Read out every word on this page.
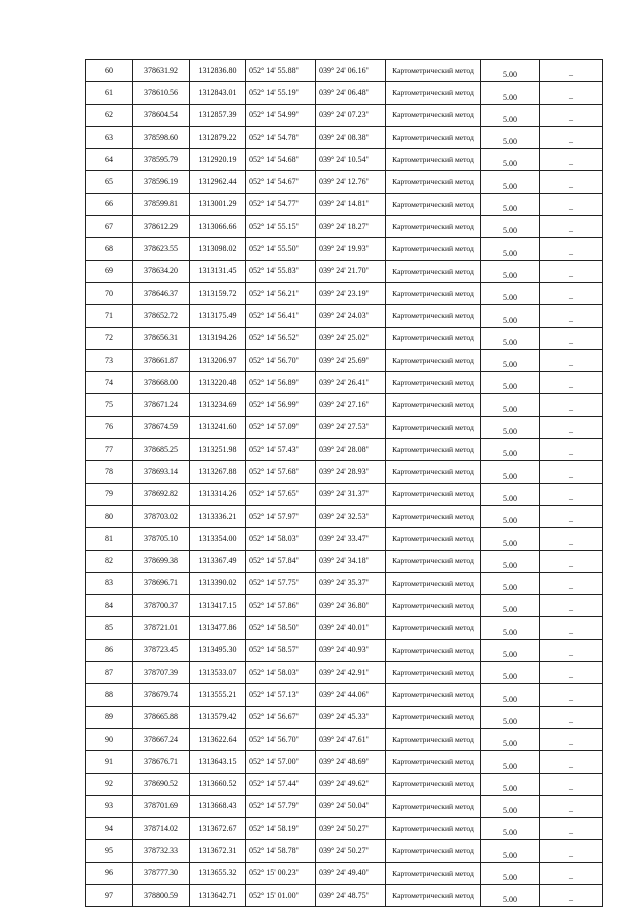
60	378631.92	1312836.80	052° 14' 55.88"	039° 24' 06.16"	Картометрический метод	5.00	–
61	378610.56	1312843.01	052° 14' 55.19"	039° 24' 06.48"	Картометрический метод	5.00	–
62	378604.54	1312857.39	052° 14' 54.99"	039° 24' 07.23"	Картометрический метод	5.00	–
63	378598.60	1312879.22	052° 14' 54.78"	039° 24' 08.38"	Картометрический метод	5.00	–
64	378595.79	1312920.19	052° 14' 54.68"	039° 24' 10.54"	Картометрический метод	5.00	–
65	378596.19	1312962.44	052° 14' 54.67"	039° 24' 12.76"	Картометрический метод	5.00	–
66	378599.81	1313001.29	052° 14' 54.77"	039° 24' 14.81"	Картометрический метод	5.00	–
67	378612.29	1313066.66	052° 14' 55.15"	039° 24' 18.27"	Картометрический метод	5.00	–
68	378623.55	1313098.02	052° 14' 55.50"	039° 24' 19.93"	Картометрический метод	5.00	–
69	378634.20	1313131.45	052° 14' 55.83"	039° 24' 21.70"	Картометрический метод	5.00	–
70	378646.37	1313159.72	052° 14' 56.21"	039° 24' 23.19"	Картометрический метод	5.00	–
71	378652.72	1313175.49	052° 14' 56.41"	039° 24' 24.03"	Картометрический метод	5.00	–
72	378656.31	1313194.26	052° 14' 56.52"	039° 24' 25.02"	Картометрический метод	5.00	–
73	378661.87	1313206.97	052° 14' 56.70"	039° 24' 25.69"	Картометрический метод	5.00	–
74	378668.00	1313220.48	052° 14' 56.89"	039° 24' 26.41"	Картометрический метод	5.00	–
75	378671.24	1313234.69	052° 14' 56.99"	039° 24' 27.16"	Картометрический метод	5.00	–
76	378674.59	1313241.60	052° 14' 57.09"	039° 24' 27.53"	Картометрический метод	5.00	–
77	378685.25	1313251.98	052° 14' 57.43"	039° 24' 28.08"	Картометрический метод	5.00	–
78	378693.14	1313267.88	052° 14' 57.68"	039° 24' 28.93"	Картометрический метод	5.00	–
79	378692.82	1313314.26	052° 14' 57.65"	039° 24' 31.37"	Картометрический метод	5.00	–
80	378703.02	1313336.21	052° 14' 57.97"	039° 24' 32.53"	Картометрический метод	5.00	–
81	378705.10	1313354.00	052° 14' 58.03"	039° 24' 33.47"	Картометрический метод	5.00	–
82	378699.38	1313367.49	052° 14' 57.84"	039° 24' 34.18"	Картометрический метод	5.00	–
83	378696.71	1313390.02	052° 14' 57.75"	039° 24' 35.37"	Картометрический метод	5.00	–
84	378700.37	1313417.15	052° 14' 57.86"	039° 24' 36.80"	Картометрический метод	5.00	–
85	378721.01	1313477.86	052° 14' 58.50"	039° 24' 40.01"	Картометрический метод	5.00	–
86	378723.45	1313495.30	052° 14' 58.57"	039° 24' 40.93"	Картометрический метод	5.00	–
87	378707.39	1313533.07	052° 14' 58.03"	039° 24' 42.91"	Картометрический метод	5.00	–
88	378679.74	1313555.21	052° 14' 57.13"	039° 24' 44.06"	Картометрический метод	5.00	–
89	378665.88	1313579.42	052° 14' 56.67"	039° 24' 45.33"	Картометрический метод	5.00	–
90	378667.24	1313622.64	052° 14' 56.70"	039° 24' 47.61"	Картометрический метод	5.00	–
91	378676.71	1313643.15	052° 14' 57.00"	039° 24' 48.69"	Картометрический метод	5.00	–
92	378690.52	1313660.52	052° 14' 57.44"	039° 24' 49.62"	Картометрический метод	5.00	–
93	378701.69	1313668.43	052° 14' 57.79"	039° 24' 50.04"	Картометрический метод	5.00	–
94	378714.02	1313672.67	052° 14' 58.19"	039° 24' 50.27"	Картометрический метод	5.00	–
95	378732.33	1313672.31	052° 14' 58.78"	039° 24' 50.27"	Картометрический метод	5.00	–
96	378777.30	1313655.32	052° 15' 00.23"	039° 24' 49.40"	Картометрический метод	5.00	–
97	378800.59	1313642.71	052° 15' 01.00"	039° 24' 48.75"	Картометрический метод	5.00	–
